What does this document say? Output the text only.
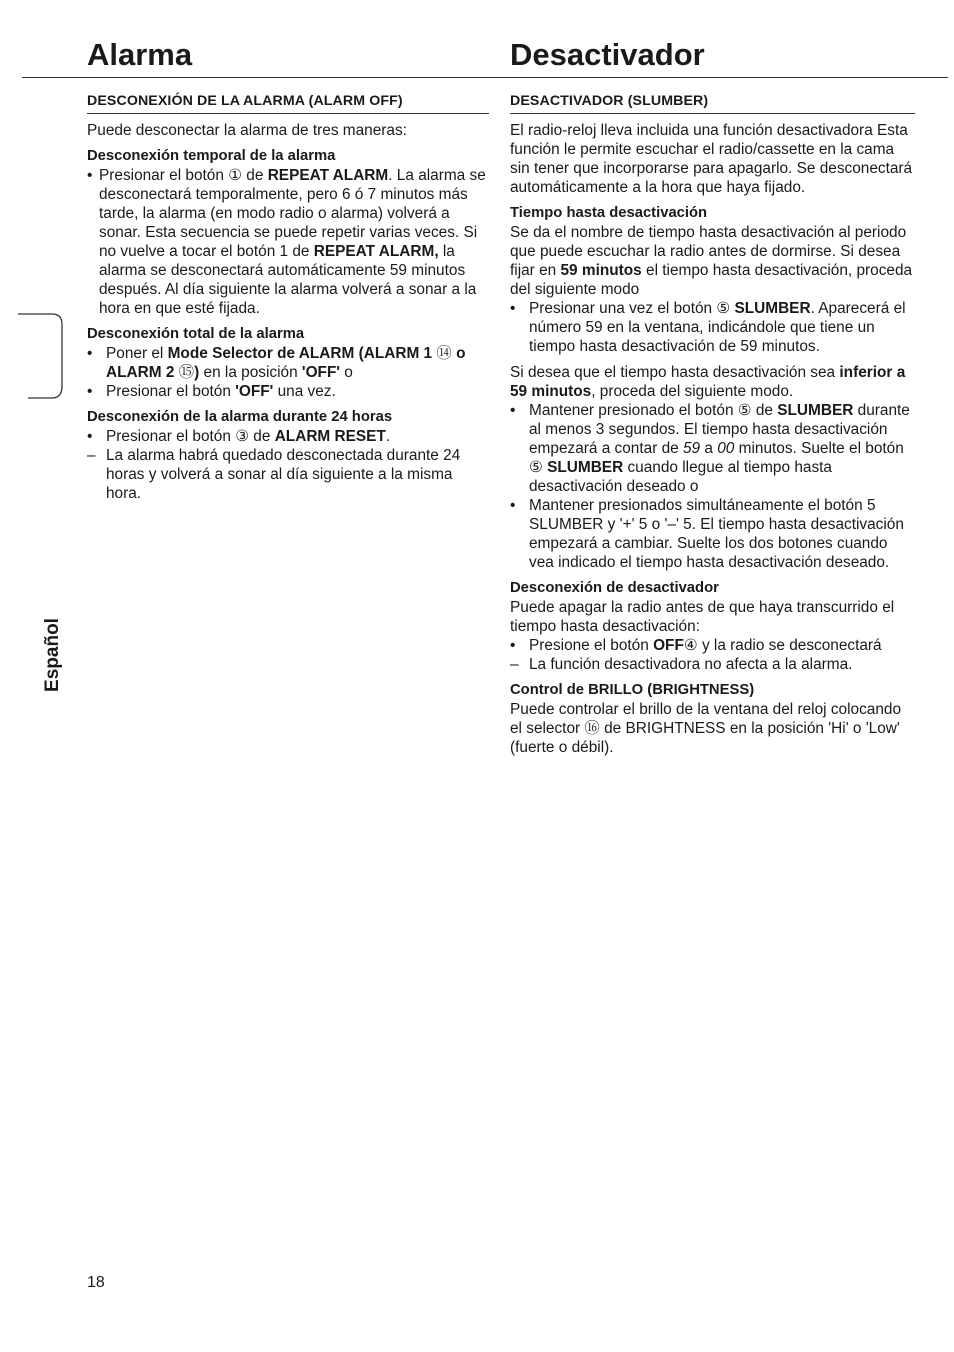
Alarma	Desactivador
Español
DESCONEXIÓN DE LA ALARMA (ALARM OFF)

Puede desconectar la alarma de tres maneras:

Desconexión temporal de la alarma

• Presionar el botón ① de REPEAT ALARM. La alarma se desconectará temporalmente, pero 6 ó 7 minutos más tarde, la alarma (en modo radio o alarma) volverá a sonar. Esta secuencia se puede repetir varias veces. Si no vuelve a tocar el botón 1 de REPEAT ALARM, la alarma se desconectará automáticamente 59 minutos después. Al día siguiente la alarma volverá a sonar a la hora en que esté fijada.

Desconexión total de la alarma

• Poner el Mode Selector de ALARM (ALARM 1 ⑭ o ALARM 2 ⑮) en la posición 'OFF' o
• Presionar el botón 'OFF' una vez.

Desconexión de la alarma durante 24 horas

• Presionar el botón ③ de ALARM RESET.
– La alarma habrá quedado desconectada durante 24 horas y volverá a sonar al día siguiente a la misma hora.
DESACTIVADOR (SLUMBER)

El radio-reloj lleva incluida una función desactivadora Esta función le permite escuchar el radio/cassette en la cama sin tener que incorporarse para apagarlo. Se desconectará automáticamente a la hora que haya fijado.

Tiempo hasta desactivación

Se da el nombre de tiempo hasta desactivación al periodo que puede escuchar la radio antes de dormirse. Si desea fijar en 59 minutos el tiempo hasta desactivación, proceda del siguiente modo

• Presionar una vez el botón ⑤ SLUMBER. Aparecerá el número 59 en la ventana, indicándole que tiene un tiempo hasta desactivación de 59 minutos.

Si desea que el tiempo hasta desactivación sea inferior a 59 minutos, proceda del siguiente modo.

• Mantener presionado el botón ⑤ de SLUMBER durante al menos 3 segundos. El tiempo hasta desactivación empezará a contar de 59 a 00 minutos. Suelte el botón ⑤ SLUMBER cuando llegue al tiempo hasta desactivación deseado o
• Mantener presionados simultáneamente el botón 5 SLUMBER y '+' 5 o '–' 5. El tiempo hasta desactivación empezará a cambiar. Suelte los dos botones cuando vea indicado el tiempo hasta desactivación deseado.

Desconexión de desactivador

Puede apagar la radio antes de que haya transcurrido el tiempo hasta desactivación:

• Presione el botón OFF④ y la radio se desconectará
– La función desactivadora no afecta a la alarma.

Control de BRILLO (BRIGHTNESS)

Puede controlar el brillo de la ventana del reloj colocando el selector ⑯ de BRIGHTNESS en la posición 'Hi' o 'Low' (fuerte o débil).

18
